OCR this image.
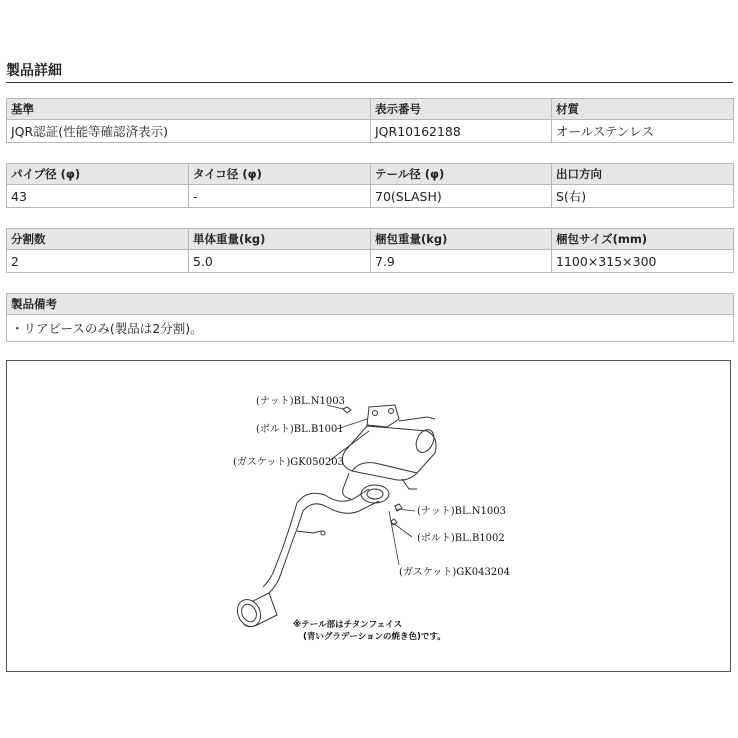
製品詳細
基準	表示番号	材質
JQR認証(性能等確認済表示)	JQR10162188	オールステンレス
パイプ径 (φ)	タイコ径 (φ)	テール径 (φ)	出口方向
43	-	70(SLASH)	S(右)
分割数	単体重量(kg)	梱包重量(kg)	梱包サイズ(mm)
2	5.0	7.9	1100×315×300
製品備考
・リアピースのみ(製品は2分割)。
(ナット)BL.N1003
(ボルト)BL.B1001
(ガスケット)GK050203
(ナット)BL.N1003
(ボルト)BL.B1002
(ガスケット)GK043204
※テール部はチタンフェイス
(青いグラデーションの焼き色)です。
